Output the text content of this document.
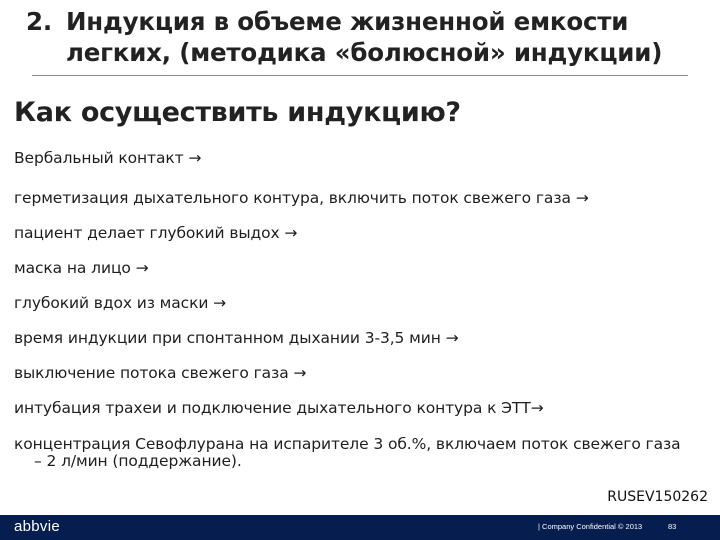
2. Индукция в объеме жизненной емкости
легких, (методика «болюсной» индукции)
Как осуществить индукцию?
Вербальный контакт →
герметизация дыхательного контура, включить поток свежего газа →
пациент делает глубокий выдох →
маска на лицо →
глубокий вдох из маски →
время индукции при спонтанном дыхании 3-3,5 мин →
выключение потока свежего газа →
интубация трахеи и подключение дыхательного контура к ЭТТ→
концентрация Севофлурана на испарителе 3 об.%, включаем поток свежего газа
– 2 л/мин (поддержание).
RUSEV150262
abbvie	| Company Confidential © 2013	83
